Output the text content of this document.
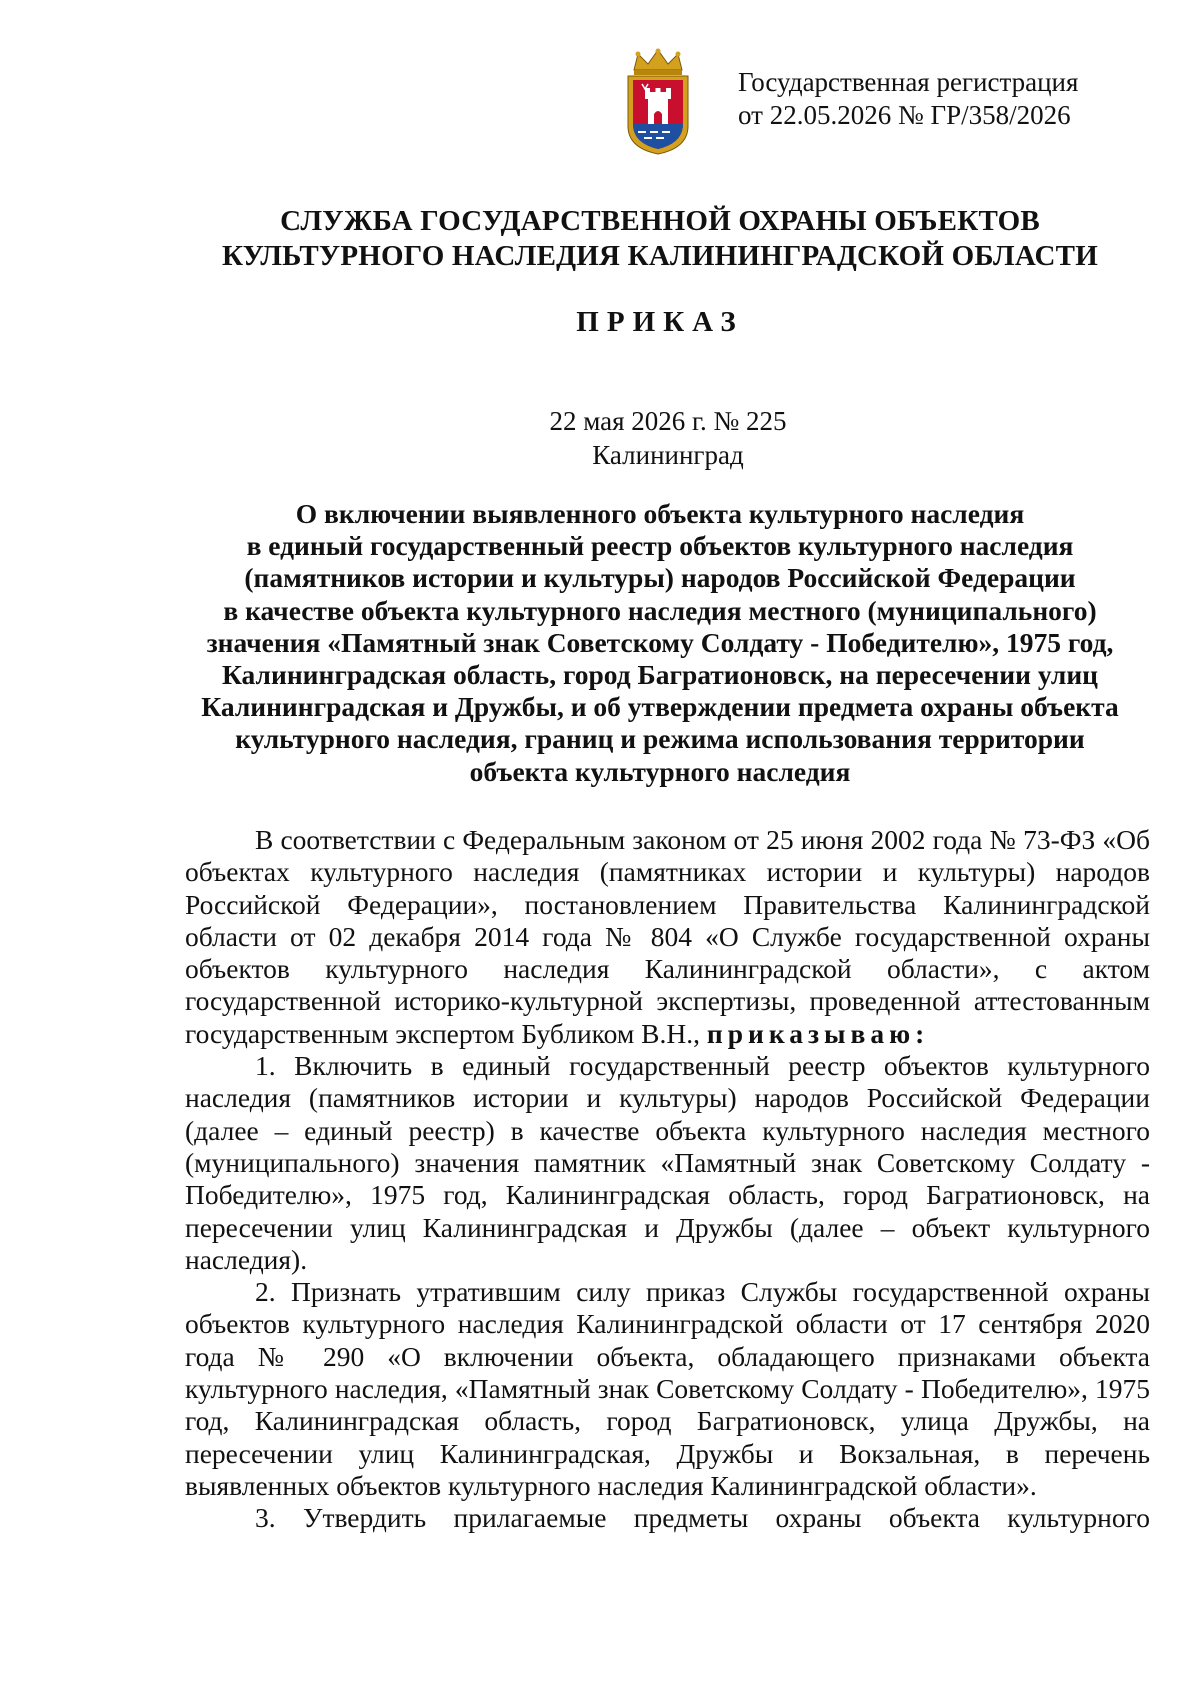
Государственная регистрация
от 22.05.2026 № ГР/358/2026
СЛУЖБА ГОСУДАРСТВЕННОЙ ОХРАНЫ ОБЪЕКТОВ
КУЛЬТУРНОГО НАСЛЕДИЯ КАЛИНИНГРАДСКОЙ ОБЛАСТИ
ПРИКАЗ
22 мая 2026 г. № 225
Калининград
О включении выявленного объекта культурного наследия
в единый государственный реестр объектов культурного наследия
(памятников истории и культуры) народов Российской Федерации
в качестве объекта культурного наследия местного (муниципального)
значения «Памятный знак Советскому Солдату - Победителю», 1975 год,
Калининградская область, город Багратионовск, на пересечении улиц
Калининградская и Дружбы, и об утверждении предмета охраны объекта
культурного наследия, границ и режима использования территории
объекта культурного наследия

В соответствии с Федеральным законом от 25 июня 2002 года № 73-ФЗ «Об объектах культурного наследия (памятниках истории и культуры) народов Российской Федерации», постановлением Правительства Калининградской области от 02 декабря 2014 года № 804 «О Службе государственной охраны объектов культурного наследия Калининградской области», с актом государственной историко-культурной экспертизы, проведенной аттестованным государственным экспертом Бубликом В.Н., приказываю:

1. Включить в единый государственный реестр объектов культурного наследия (памятников истории и культуры) народов Российской Федерации (далее – единый реестр) в качестве объекта культурного наследия местного (муниципального) значения памятник «Памятный знак Советскому Солдату - Победителю», 1975 год, Калининградская область, город Багратионовск, на пересечении улиц Калининградская и Дружбы (далее – объект культурного наследия).

2. Признать утратившим силу приказ Службы государственной охраны объектов культурного наследия Калининградской области от 17 сентября 2020 года № 290 «О включении объекта, обладающего признаками объекта культурного наследия, «Памятный знак Советскому Солдату - Победителю», 1975 год, Калининградская область, город Багратионовск, улица Дружбы, на пересечении улиц Калининградская, Дружбы и Вокзальная, в перечень выявленных объектов культурного наследия Калининградской области».

3. Утвердить прилагаемые предметы охраны объекта культурного
